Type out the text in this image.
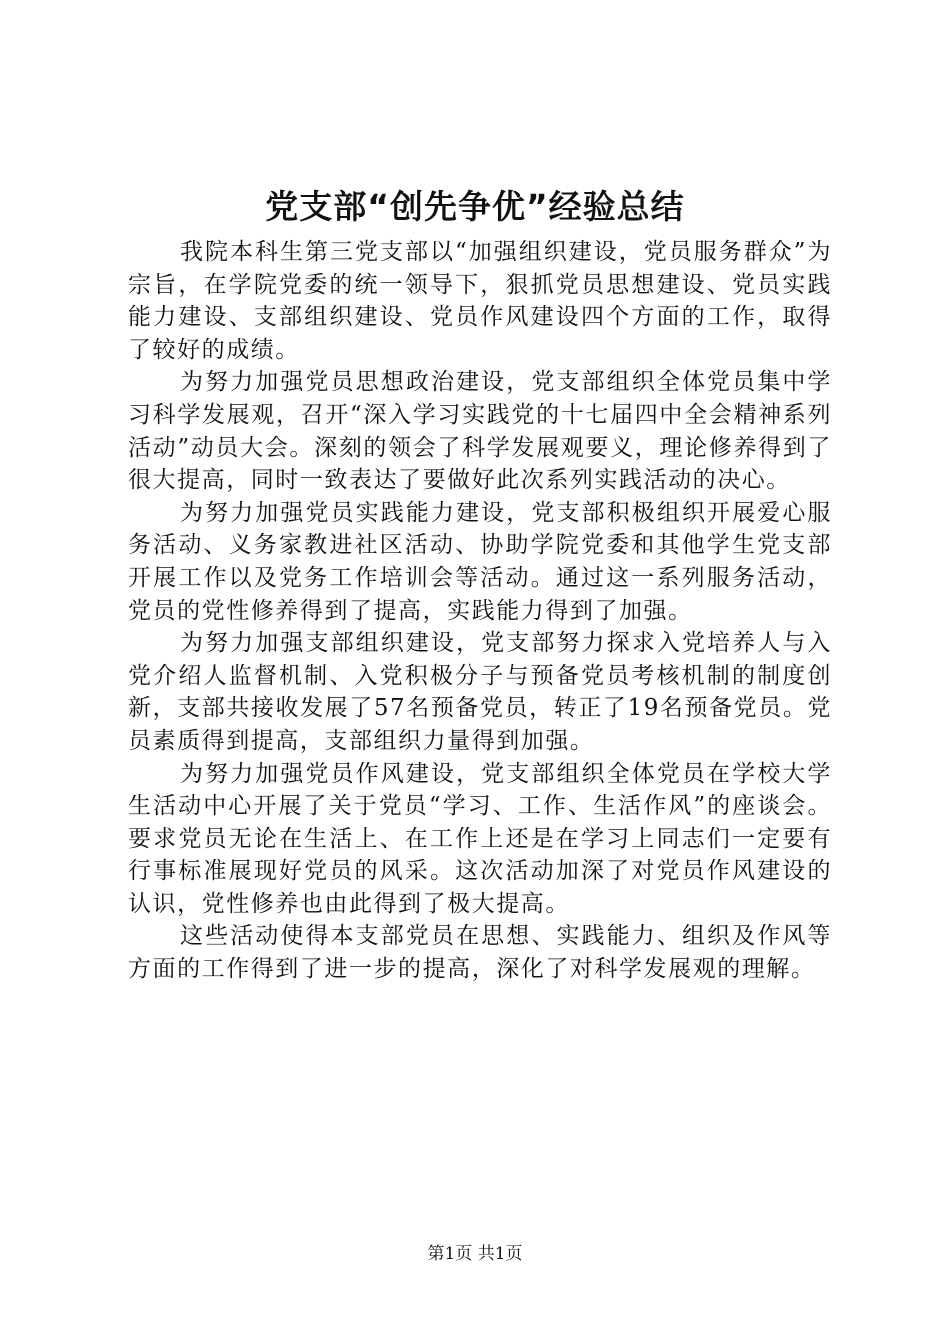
党支部“创先争优”经验总结

我院本科生第三党支部以“加强组织建设，党员服务群众”为宗旨，在学院党委的统一领导下，狠抓党员思想建设、党员实践能力建设、支部组织建设、党员作风建设四个方面的工作，取得了较好的成绩。

为努力加强党员思想政治建设，党支部组织全体党员集中学习科学发展观，召开“深入学习实践党的十七届四中全会精神系列活动”动员大会。深刻的领会了科学发展观要义，理论修养得到了很大提高，同时一致表达了要做好此次系列实践活动的决心。

为努力加强党员实践能力建设，党支部积极组织开展爱心服务活动、义务家教进社区活动、协助学院党委和其他学生党支部开展工作以及党务工作培训会等活动。通过这一系列服务活动，党员的党性修养得到了提高，实践能力得到了加强。

为努力加强支部组织建设，党支部努力探求入党培养人与入党介绍人监督机制、入党积极分子与预备党员考核机制的制度创新，支部共接收发展了57名预备党员，转正了19名预备党员。党员素质得到提高，支部组织力量得到加强。

为努力加强党员作风建设，党支部组织全体党员在学校大学生活动中心开展了关于党员“学习、工作、生活作风”的座谈会。要求党员无论在生活上、在工作上还是在学习上同志们一定要有行事标准展现好党员的风采。这次活动加深了对党员作风建设的认识，党性修养也由此得到了极大提高。

这些活动使得本支部党员在思想、实践能力、组织及作风等方面的工作得到了进一步的提高，深化了对科学发展观的理解。

第1页 共1页
